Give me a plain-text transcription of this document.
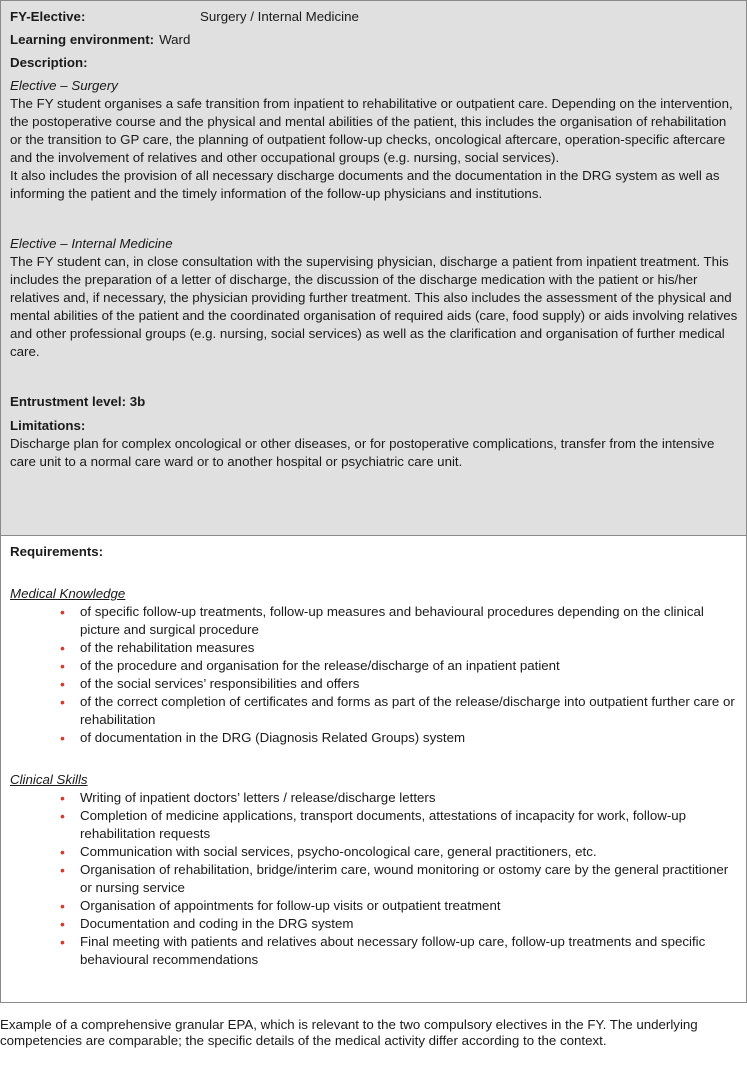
FY-Elective:	Surgery / Internal Medicine
Learning environment: Ward
Description:

Elective – Surgery

The FY student organises a safe transition from inpatient to rehabilitative or outpatient care. Depending on the intervention, the postoperative course and the physical and mental abilities of the patient, this includes the organisation of rehabilitation or the transition to GP care, the planning of outpatient follow-up checks, oncological aftercare, operation-specific aftercare and the involvement of relatives and other occupational groups (e.g. nursing, social services).

It also includes the provision of all necessary discharge documents and the documentation in the DRG system as well as informing the patient and the timely information of the follow-up physicians and institutions.

Elective – Internal Medicine

The FY student can, in close consultation with the supervising physician, discharge a patient from inpatient treatment. This includes the preparation of a letter of discharge, the discussion of the discharge medication with the patient or his/her relatives and, if necessary, the physician providing further treatment. This also includes the assessment of the physical and mental abilities of the patient and the coordinated organisation of required aids (care, food supply) or aids involving relatives and other professional groups (e.g. nursing, social services) as well as the clarification and organisation of further medical care.

Entrustment level: 3b

Limitations:

Discharge plan for complex oncological or other diseases, or for postoperative complications, transfer from the intensive care unit to a normal care ward or to another hospital or psychiatric care unit.

Requirements:

Medical Knowledge

• of specific follow-up treatments, follow-up measures and behavioural procedures depending on the clinical picture and surgical procedure
• of the rehabilitation measures
• of the procedure and organisation for the release/discharge of an inpatient patient
• of the social services’ responsibilities and offers
• of the correct completion of certificates and forms as part of the release/discharge into outpatient further care or rehabilitation
• of documentation in the DRG (Diagnosis Related Groups) system

Clinical Skills

• Writing of inpatient doctors’ letters / release/discharge letters
• Completion of medicine applications, transport documents, attestations of incapacity for work, follow-up rehabilitation requests
• Communication with social services, psycho-oncological care, general practitioners, etc.
• Organisation of rehabilitation, bridge/interim care, wound monitoring or ostomy care by the general practitioner or nursing service
• Organisation of appointments for follow-up visits or outpatient treatment
• Documentation and coding in the DRG system
• Final meeting with patients and relatives about necessary follow-up care, follow-up treatments and specific behavioural recommendations
Example of a comprehensive granular EPA, which is relevant to the two compulsory electives in the FY. The underlying competencies are comparable; the specific details of the medical activity differ according to the context.
